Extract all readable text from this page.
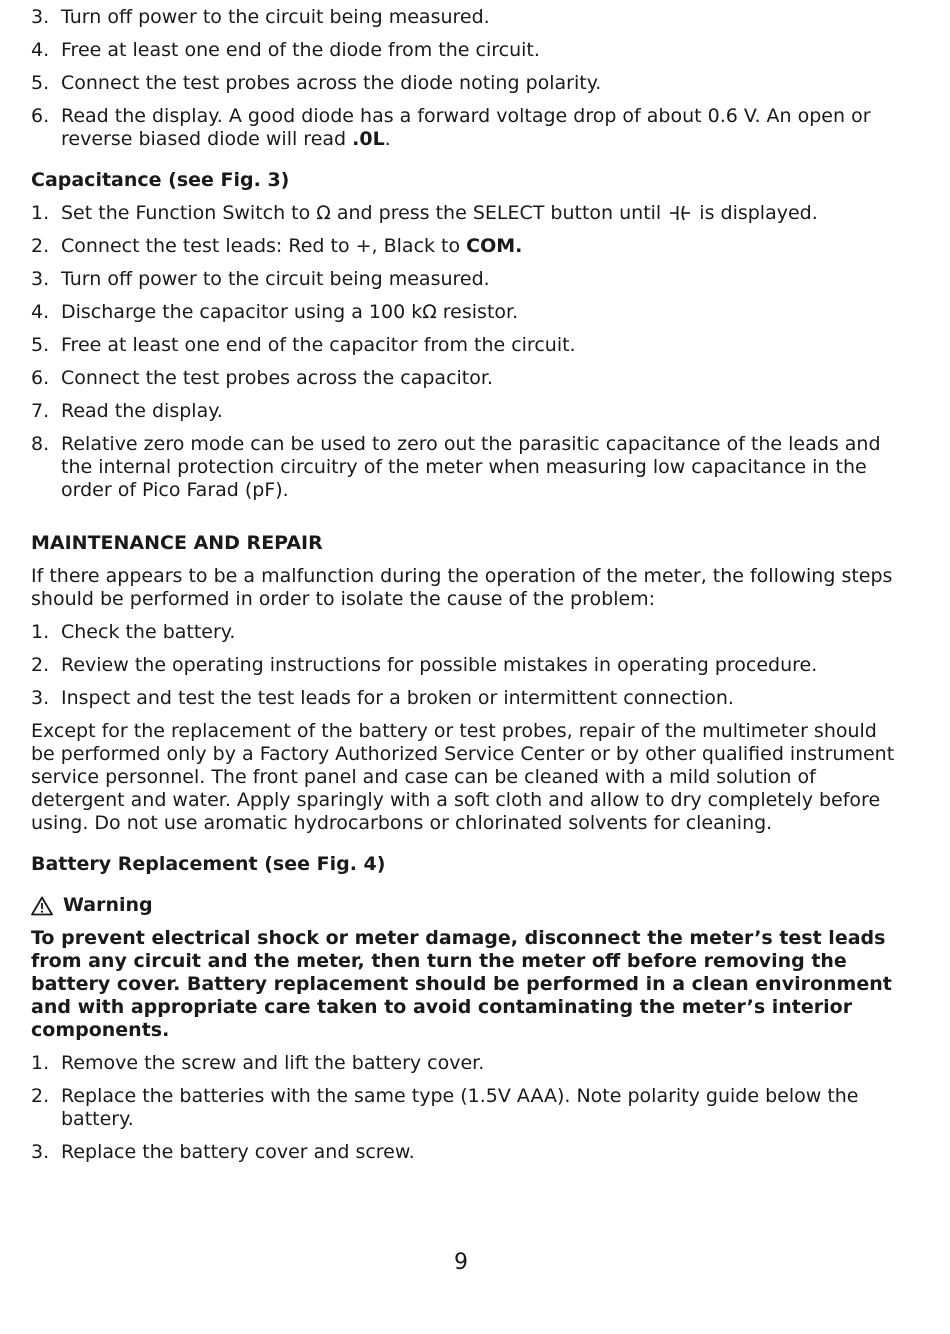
3. Turn off power to the circuit being measured.
4. Free at least one end of the diode from the circuit.
5. Connect the test probes across the diode noting polarity.
6. Read the display. A good diode has a forward voltage drop of about 0.6 V. An open or reverse biased diode will read .0L.
Capacitance (see Fig. 3)
1. Set the Function Switch to Ω and press the SELECT button until  is displayed.
2. Connect the test leads: Red to +, Black to COM.
3. Turn off power to the circuit being measured.
4. Discharge the capacitor using a 100 kΩ resistor.
5. Free at least one end of the capacitor from the circuit.
6. Connect the test probes across the capacitor.
7. Read the display.
8. Relative zero mode can be used to zero out the parasitic capacitance of the leads and the internal protection circuitry of the meter when measuring low capacitance in the order of Pico Farad (pF).
MAINTENANCE AND REPAIR
If there appears to be a malfunction during the operation of the meter, the following steps should be performed in order to isolate the cause of the problem:
1. Check the battery.
2. Review the operating instructions for possible mistakes in operating procedure.
3. Inspect and test the test leads for a broken or intermittent connection.
Except for the replacement of the battery or test probes, repair of the multimeter should be performed only by a Factory Authorized Service Center or by other qualified instrument service personnel. The front panel and case can be cleaned with a mild solution of detergent and water. Apply sparingly with a soft cloth and allow to dry completely before using. Do not use aromatic hydrocarbons or chlorinated solvents for cleaning.
Battery Replacement (see Fig. 4)
Warning
To prevent electrical shock or meter damage, disconnect the meter’s test leads from any circuit and the meter, then turn the meter off before removing the battery cover. Battery replacement should be performed in a clean environment and with appropriate care taken to avoid contaminating the meter’s interior components.
1. Remove the screw and lift the battery cover.
2. Replace the batteries with the same type (1.5V AAA). Note polarity guide below the battery.
3. Replace the battery cover and screw.
9
